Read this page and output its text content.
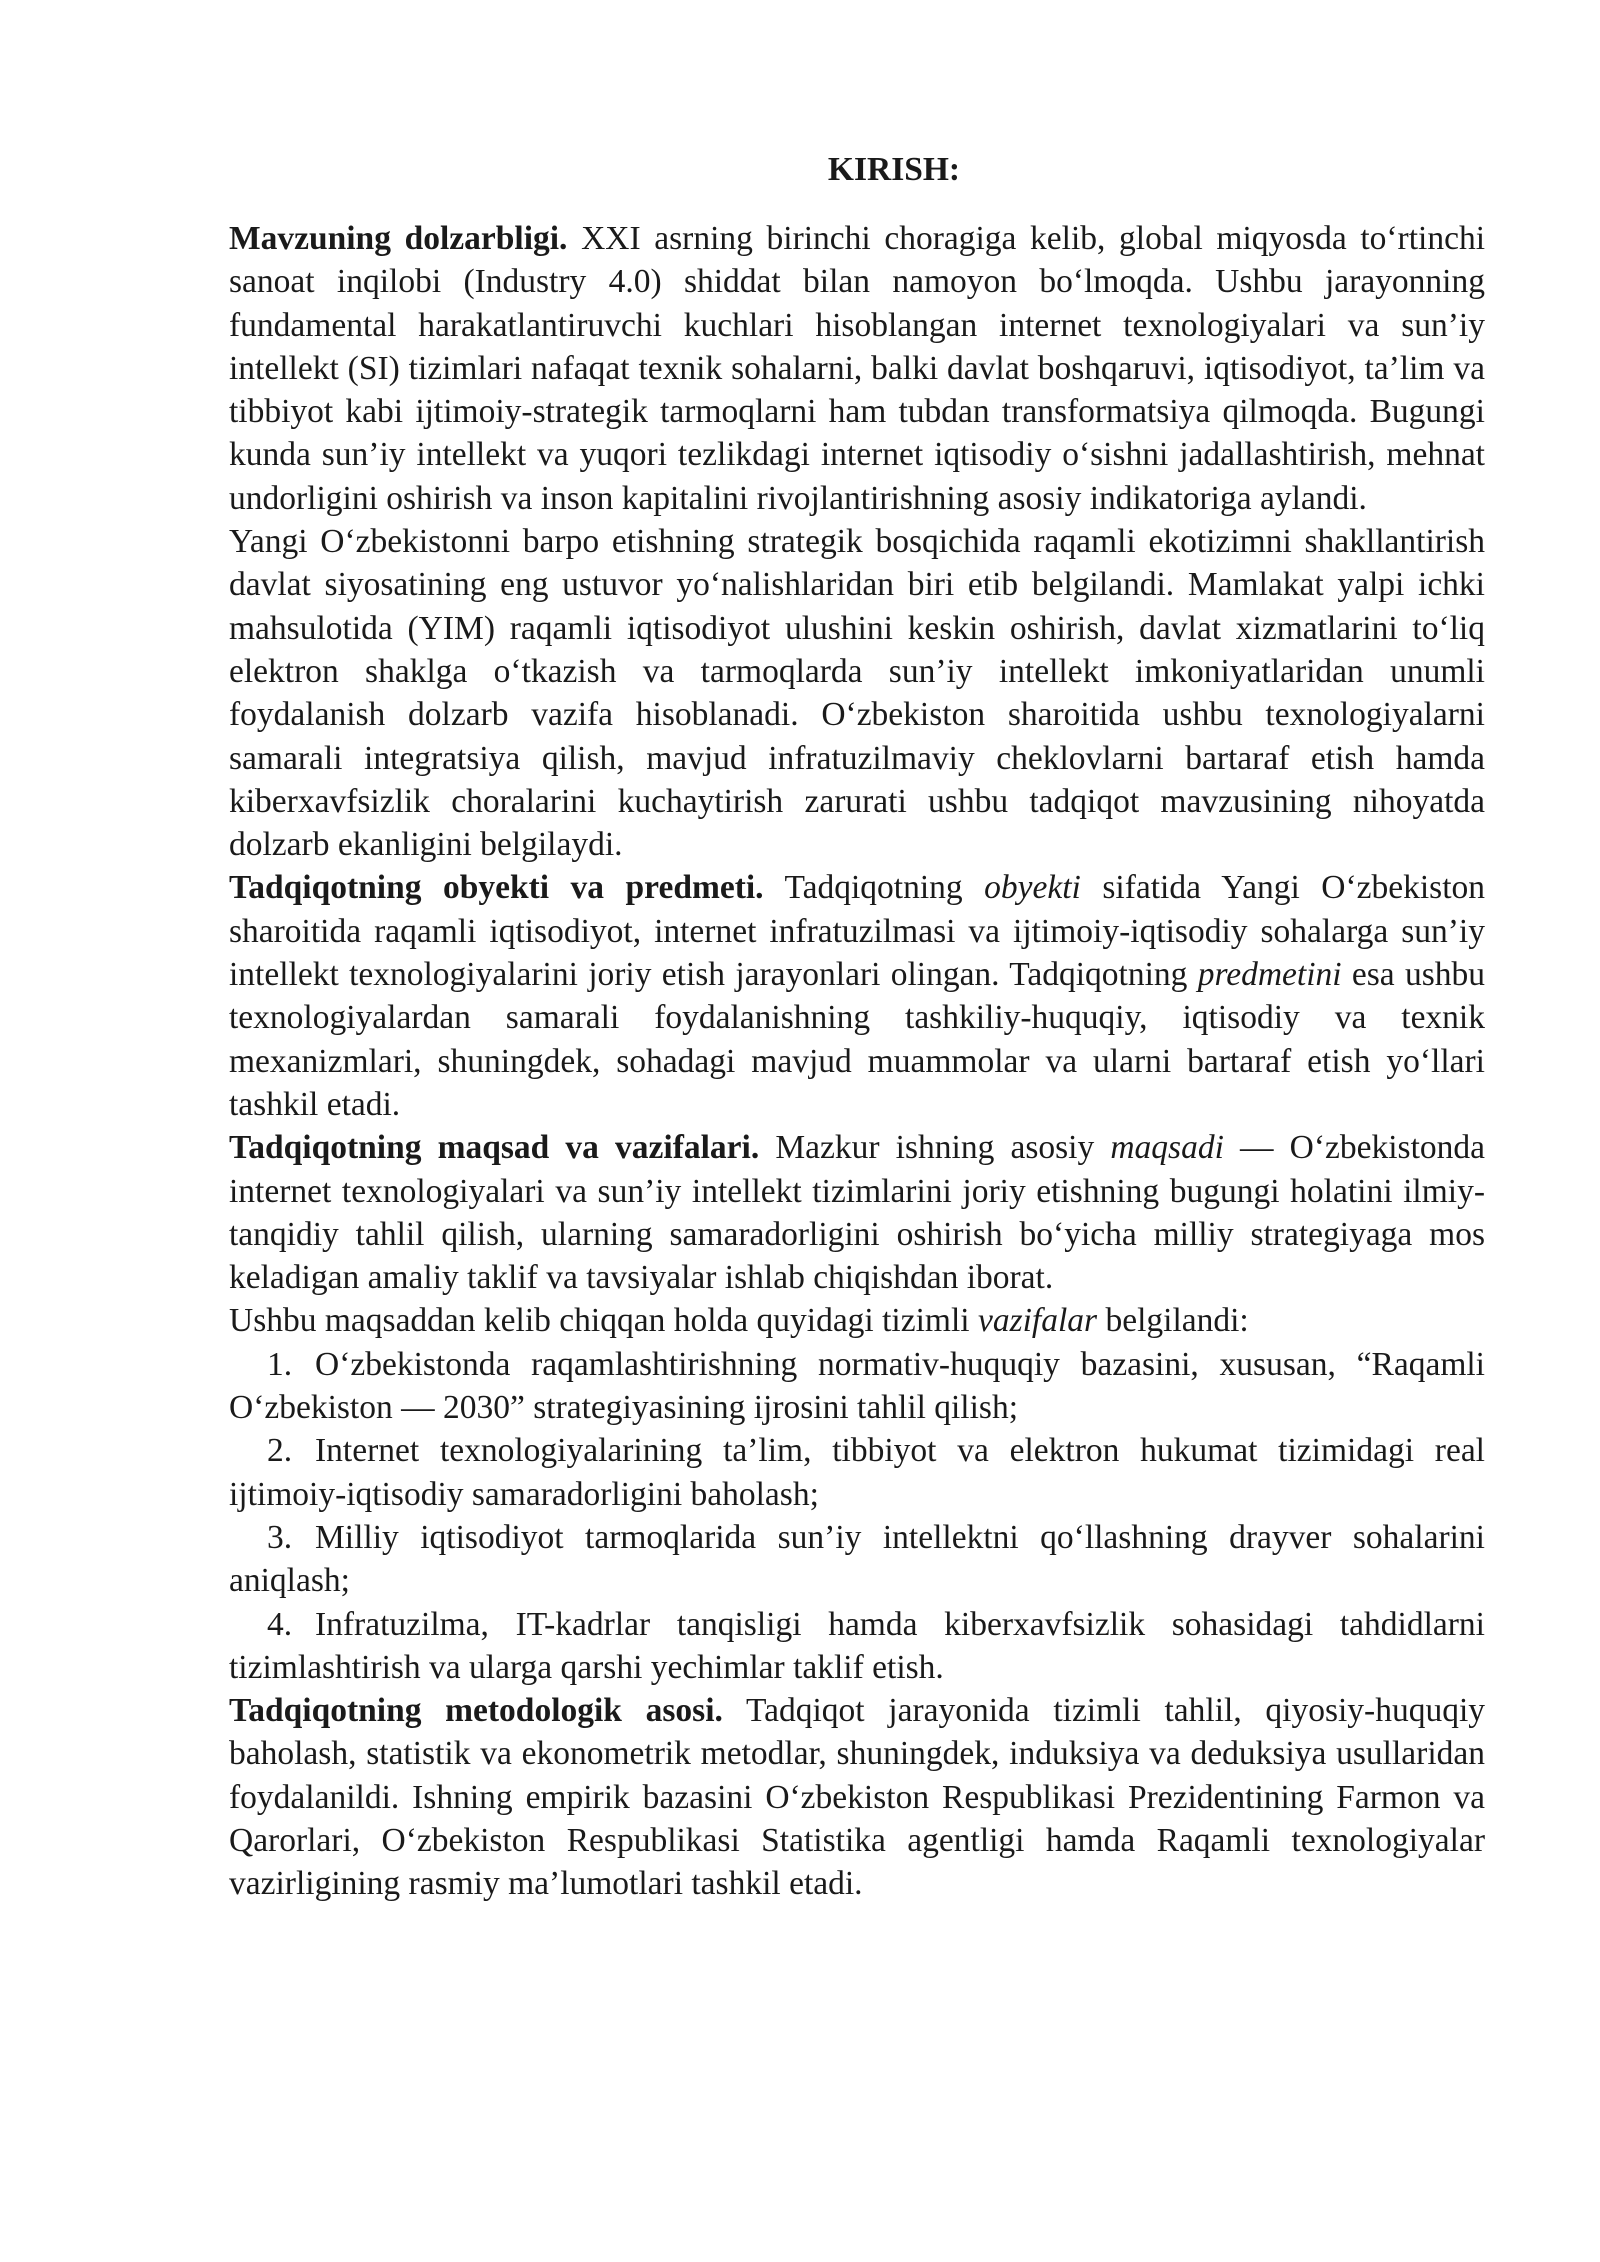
KIRISH:

Mavzuning dolzarbligi. XXI asrning birinchi choragiga kelib, global miqyosda to‘rtinchi sanoat inqilobi (Industry 4.0) shiddat bilan namoyon bo‘lmoqda. Ushbu jarayonning fundamental harakatlantiruvchi kuchlari hisoblangan internet texnologiyalari va sun’iy intellekt (SI) tizimlari nafaqat texnik sohalarni, balki davlat boshqaruvi, iqtisodiyot, ta’lim va tibbiyot kabi ijtimoiy-strategik tarmoqlarni ham tubdan transformatsiya qilmoqda. Bugungi kunda sun’iy intellekt va yuqori tezlikdagi internet iqtisodiy o‘sishni jadallashtirish, mehnat undorligini oshirish va inson kapitalini rivojlantirishning asosiy indikatoriga aylandi.

Yangi O‘zbekistonni barpo etishning strategik bosqichida raqamli ekotizimni shakllantirish davlat siyosatining eng ustuvor yo‘nalishlaridan biri etib belgilandi. Mamlakat yalpi ichki mahsulotida (YIM) raqamli iqtisodiyot ulushini keskin oshirish, davlat xizmatlarini to‘liq elektron shaklga o‘tkazish va tarmoqlarda sun’iy intellekt imkoniyatlaridan unumli foydalanish dolzarb vazifa hisoblanadi. O‘zbekiston sharoitida ushbu texnologiyalarni samarali integratsiya qilish, mavjud infratuzilmaviy cheklovlarni bartaraf etish hamda kiberxavfsizlik choralarini kuchaytirish zarurati ushbu tadqiqot mavzusining nihoyatda dolzarb ekanligini belgilaydi.

Tadqiqotning obyekti va predmeti. Tadqiqotning obyekti sifatida Yangi O‘zbekiston sharoitida raqamli iqtisodiyot, internet infratuzilmasi va ijtimoiy-iqtisodiy sohalarga sun’iy intellekt texnologiyalarini joriy etish jarayonlari olingan. Tadqiqotning predmetini esa ushbu texnologiyalardan samarali foydalanishning tashkiliy-huquqiy, iqtisodiy va texnik mexanizmlari, shuningdek, sohadagi mavjud muammolar va ularni bartaraf etish yo‘llari tashkil etadi.

Tadqiqotning maqsad va vazifalari. Mazkur ishning asosiy maqsadi — O‘zbekistonda internet texnologiyalari va sun’iy intellekt tizimlarini joriy etishning bugungi holatini ilmiy-tanqidiy tahlil qilish, ularning samaradorligini oshirish bo‘yicha milliy strategiyaga mos keladigan amaliy taklif va tavsiyalar ishlab chiqishdan iborat.

Ushbu maqsaddan kelib chiqqan holda quyidagi tizimli vazifalar belgilandi:

1. O‘zbekistonda raqamlashtirishning normativ-huquqiy bazasini, xususan, “Raqamli O‘zbekiston — 2030” strategiyasining ijrosini tahlil qilish;
2. Internet texnologiyalarining ta’lim, tibbiyot va elektron hukumat tizimidagi real ijtimoiy-iqtisodiy samaradorligini baholash;
3. Milliy iqtisodiyot tarmoqlarida sun’iy intellektni qo‘llashning drayver sohalarini aniqlash;
4. Infratuzilma, IT-kadrlar tanqisligi hamda kiberxavfsizlik sohasidagi tahdidlarni tizimlashtirish va ularga qarshi yechimlar taklif etish.

Tadqiqotning metodologik asosi. Tadqiqot jarayonida tizimli tahlil, qiyosiy-huquqiy baholash, statistik va ekonometrik metodlar, shuningdek, induksiya va deduksiya usullaridan foydalanildi. Ishning empirik bazasini O‘zbekiston Respublikasi Prezidentining Farmon va Qarorlari, O‘zbekiston Respublikasi Statistika agentligi hamda Raqamli texnologiyalar vazirligining rasmiy ma’lumotlari tashkil etadi.
